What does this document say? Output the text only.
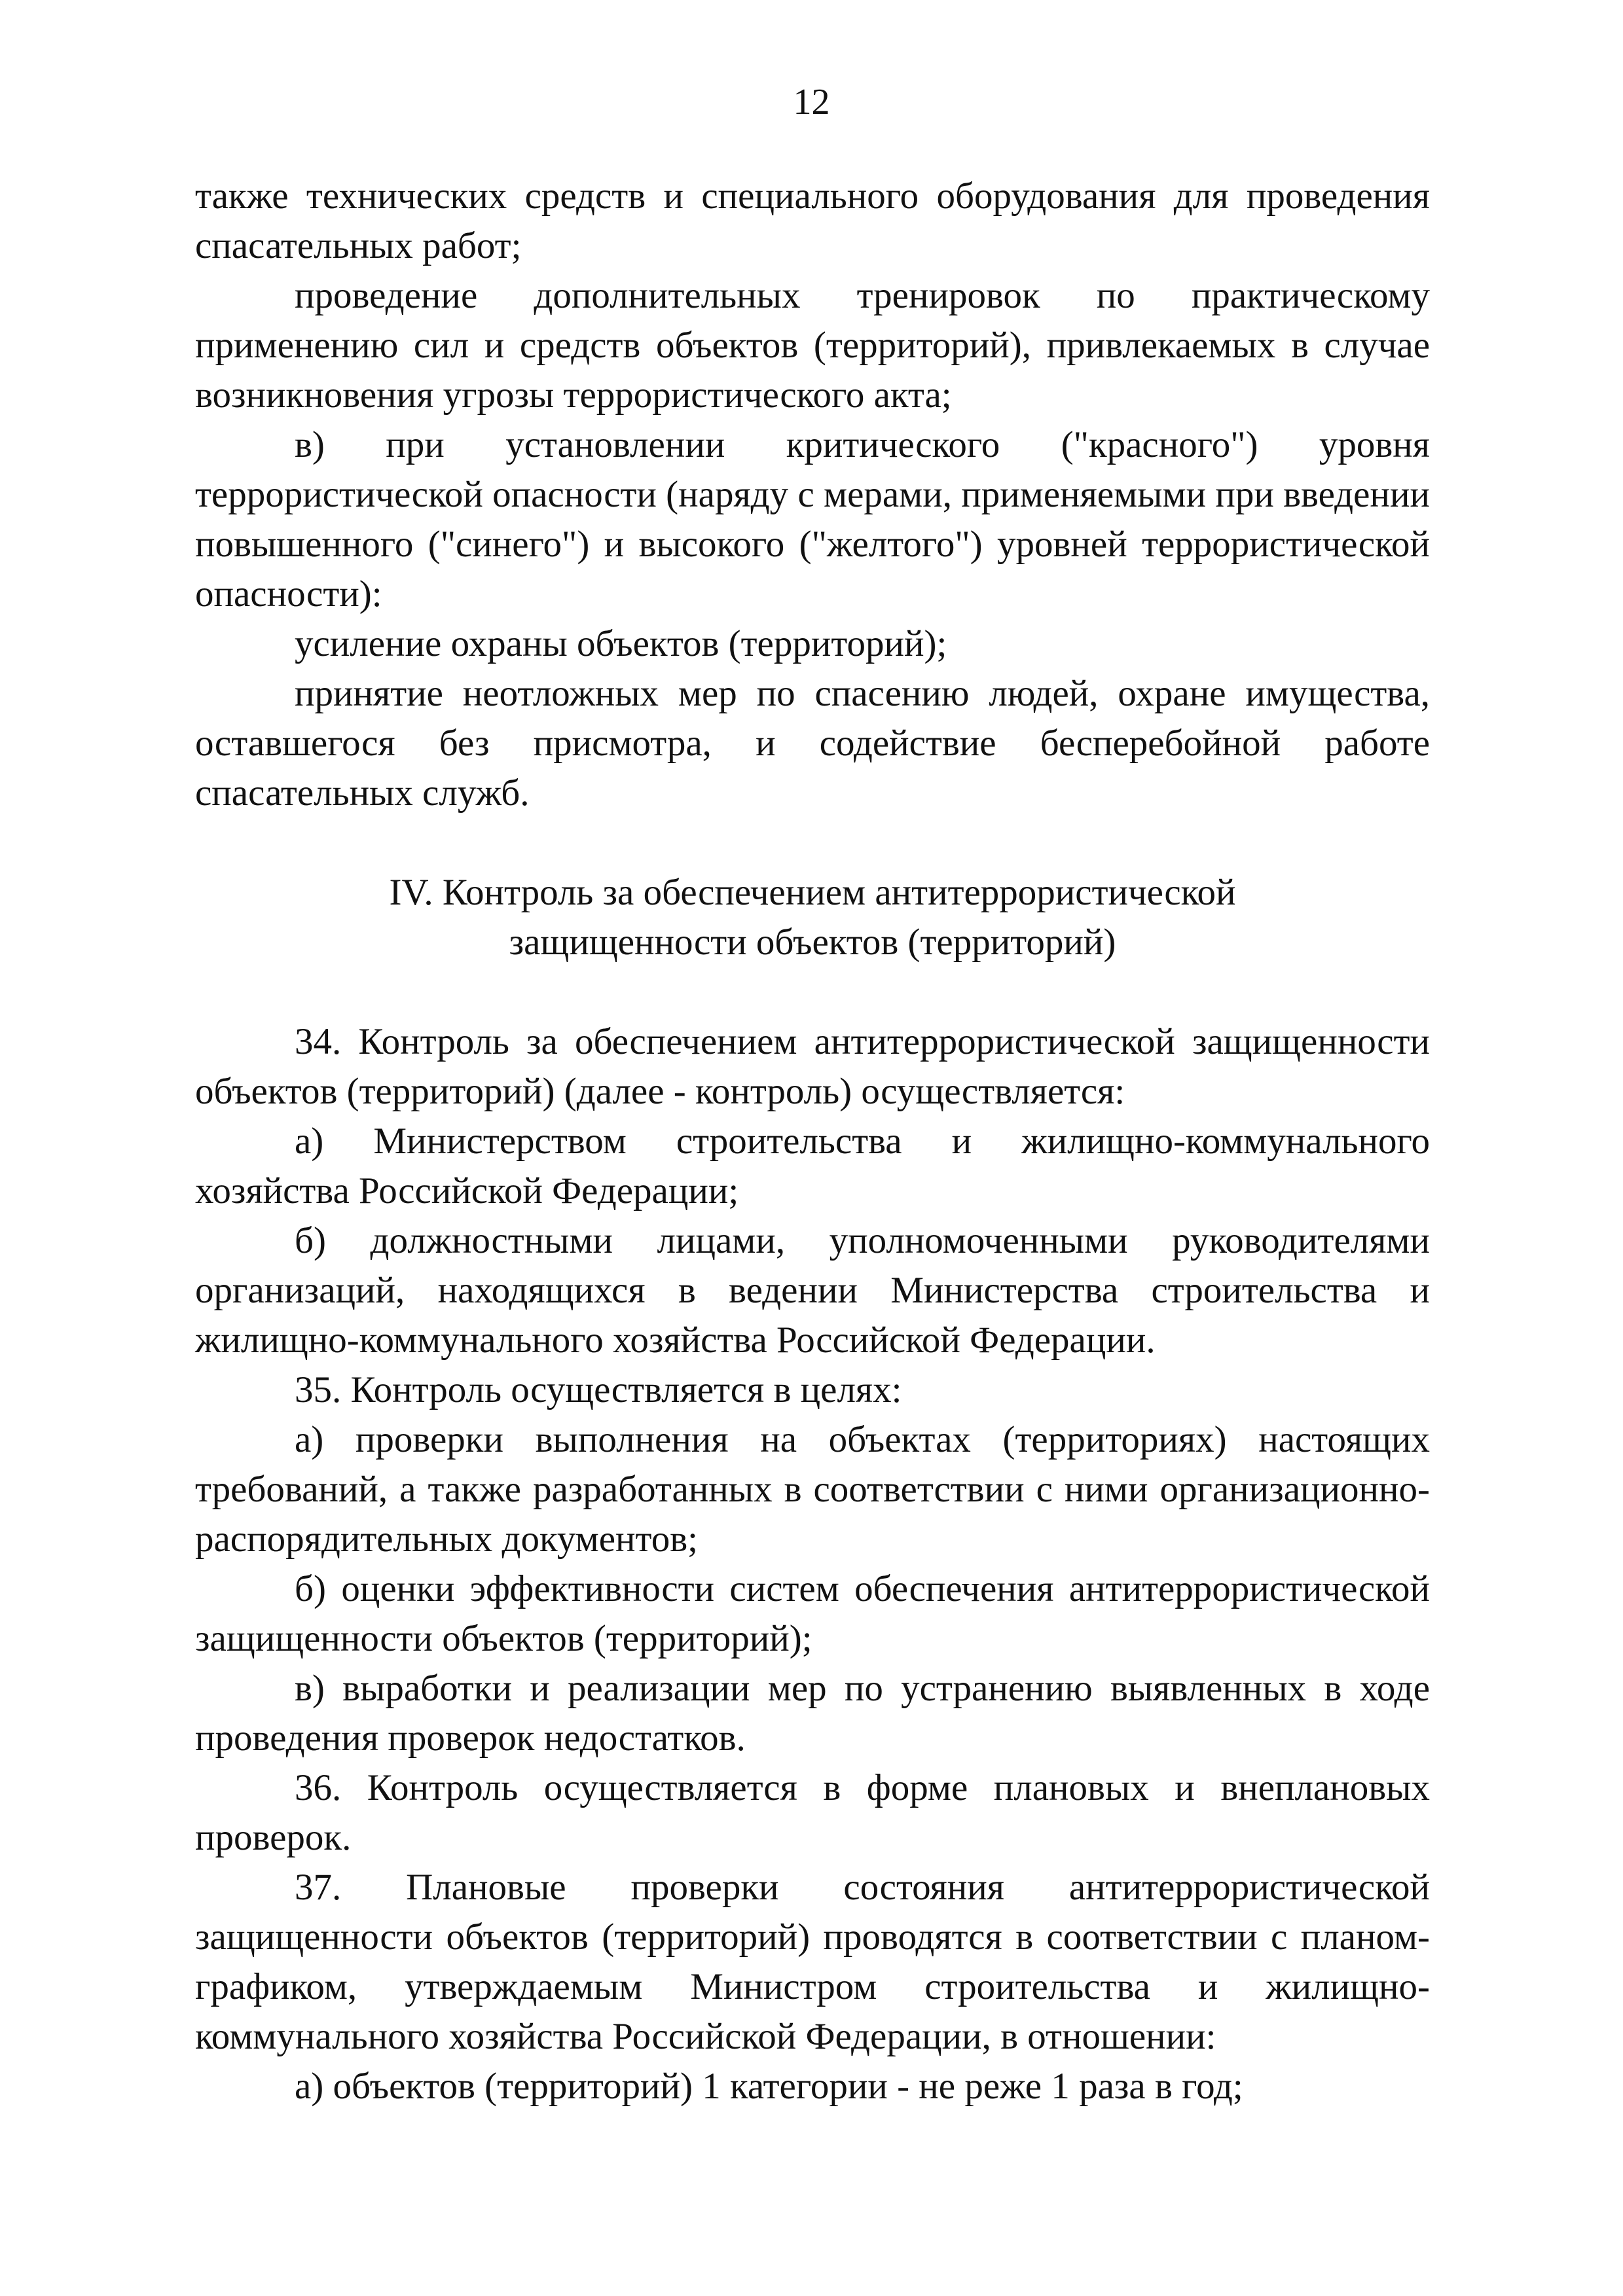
12

также технических средств и специального оборудования для проведения спасательных работ;

проведение дополнительных тренировок по практическому применению сил и средств объектов (территорий), привлекаемых в случае возникновения угрозы террористического акта;

в) при установлении критического ("красного") уровня террористической опасности (наряду с мерами, применяемыми при введении повышенного ("синего") и высокого ("желтого") уровней террористической опасности):

усиление охраны объектов (территорий);

принятие неотложных мер по спасению людей, охране имущества, оставшегося без присмотра, и содействие бесперебойной работе спасательных служб.

IV. Контроль за обеспечением антитеррористической

защищенности объектов (территорий)

34. Контроль за обеспечением антитеррористической защищенности объектов (территорий) (далее - контроль) осуществляется:

а) Министерством строительства и жилищно-коммунального хозяйства Российской Федерации;

б) должностными лицами, уполномоченными руководителями организаций, находящихся в ведении Министерства строительства и жилищно-коммунального хозяйства Российской Федерации.

35. Контроль осуществляется в целях:

а) проверки выполнения на объектах (территориях) настоящих требований, а также разработанных в соответствии с ними организационно-распорядительных документов;

б) оценки эффективности систем обеспечения антитеррористической защищенности объектов (территорий);

в) выработки и реализации мер по устранению выявленных в ходе проведения проверок недостатков.

36. Контроль осуществляется в форме плановых и внеплановых проверок.

37. Плановые проверки состояния антитеррористической защищенности объектов (территорий) проводятся в соответствии с планом-графиком, утверждаемым Министром строительства и жилищно-коммунального хозяйства Российской Федерации, в отношении:

а) объектов (территорий) 1 категории - не реже 1 раза в год;
